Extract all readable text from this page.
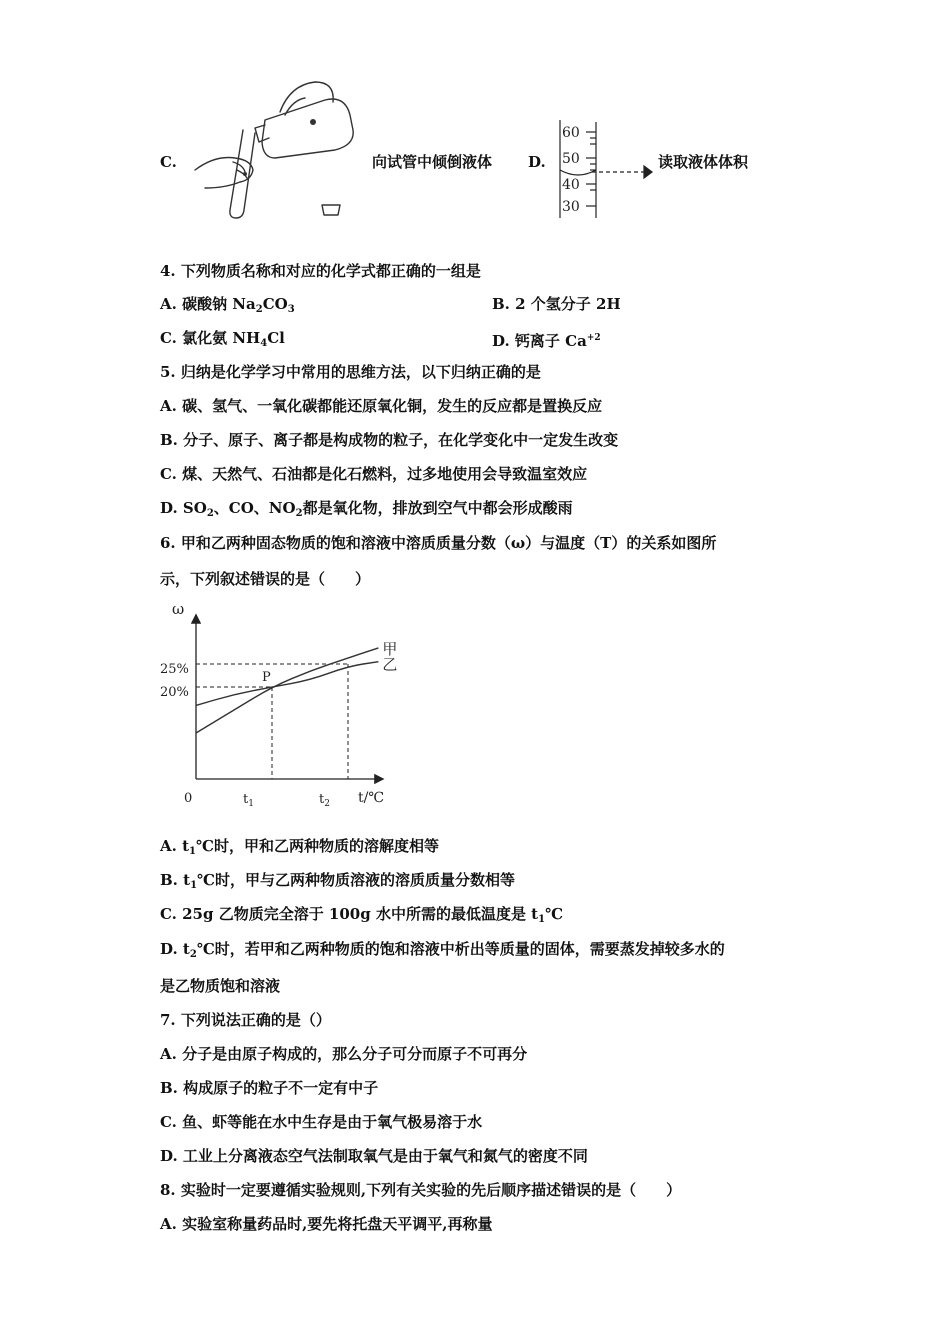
C.	向试管中倾倒液体 D.
60
50
40
30
读取液体体积
4. 下列物质名称和对应的化学式都正确的一组是
A. 碳酸钠 $Na_2CO_3$	B. 2 个氢分子 2H
C. 氯化氨 $NH_4Cl$	D. 钙离子 $Ca^{+2}$
5. 归纳是化学学习中常用的思维方法，以下归纳正确的是
A. 碳、氢气、一氧化碳都能还原氧化铜，发生的反应都是置换反应
B. 分子、原子、离子都是构成物的粒子，在化学变化中一定发生改变
C. 煤、天然气、石油都是化石燃料，过多地使用会导致温室效应
D. $SO_2$、CO、$NO_2$都是氧化物，排放到空气中都会形成酸雨
6. 甲和乙两种固态物质的饱和溶液中溶质质量分数（ω）与温度（T）的关系如图所
示，下列叙述错误的是（　　）
ω
0	t/℃
25%
20%
$t_1$	$t_2$
P
甲
乙
A. $t_1℃$时，甲和乙两种物质的溶解度相等
B. $t_1℃$时，甲与乙两种物质溶液的溶质质量分数相等
C. 25g 乙物质完全溶于 100g 水中所需的最低温度是 $t_1℃$
D. $t_2℃$时，若甲和乙两种物质的饱和溶液中析出等质量的固体，需要蒸发掉较多水的
是乙物质饱和溶液
7. 下列说法正确的是（）
A. 分子是由原子构成的，那么分子可分而原子不可再分
B. 构成原子的粒子不一定有中子
C. 鱼、虾等能在水中生存是由于氧气极易溶于水
D. 工业上分离液态空气法制取氧气是由于氧气和氮气的密度不同
8. 实验时一定要遵循实验规则,下列有关实验的先后顺序描述错误的是（　　）
A. 实验室称量药品时,要先将托盘天平调平,再称量
